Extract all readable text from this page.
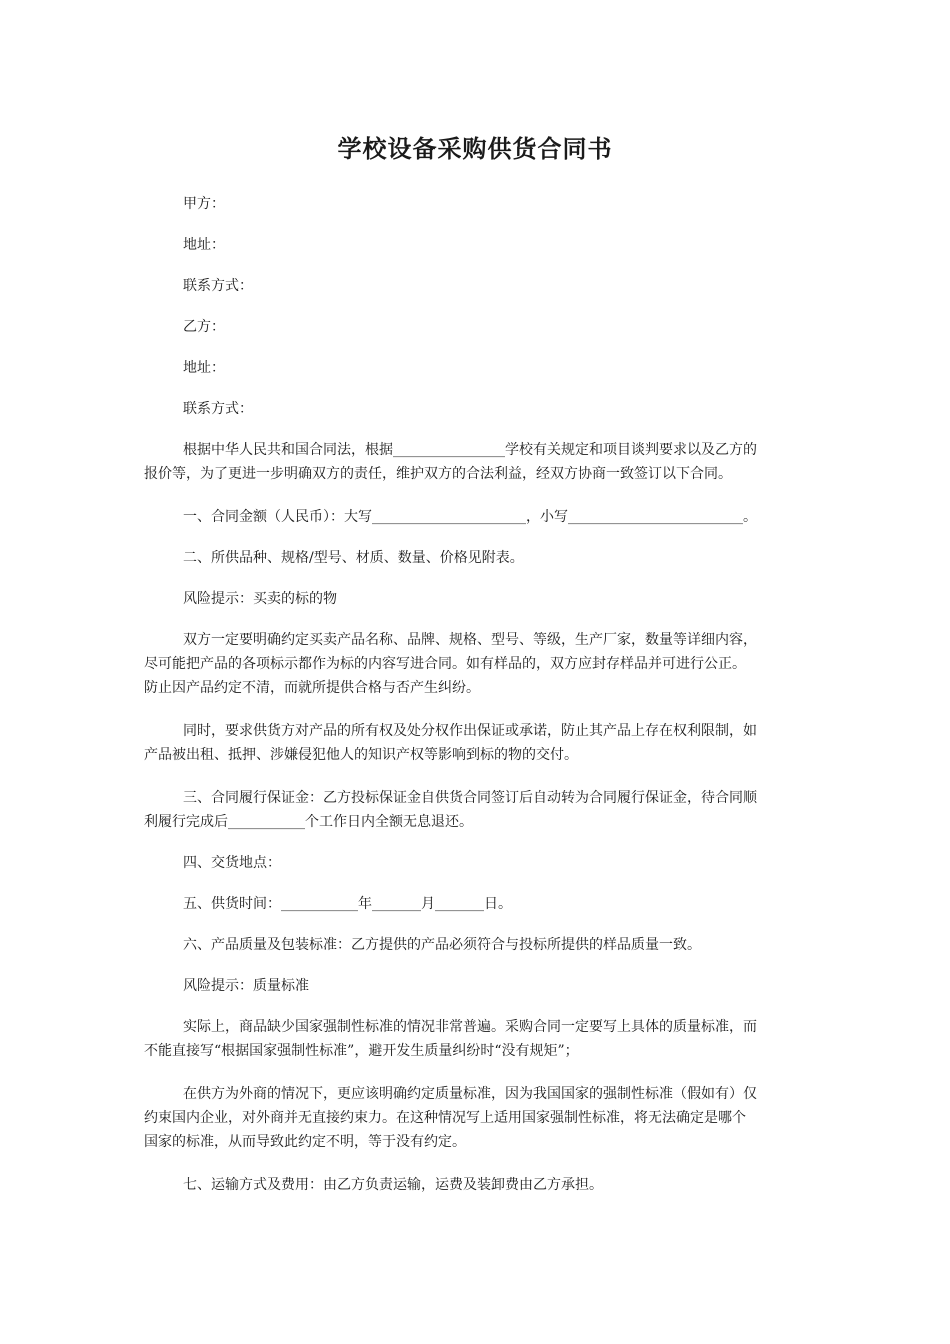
学校设备采购供货合同书
甲方：
地址：
联系方式：
乙方：
地址：
联系方式：
根据中华人民共和国合同法，根据________________学校有关规定和项目谈判要求以及乙方的
报价等，为了更进一步明确双方的责任，维护双方的合法利益，经双方协商一致签订以下合同。
一、合同金额（人民币）：大写______________________，小写_________________________。
二、所供品种、规格/型号、材质、数量、价格见附表。
风险提示：买卖的标的物
双方一定要明确约定买卖产品名称、品牌、规格、型号、等级，生产厂家，数量等详细内容，
尽可能把产品的各项标示都作为标的内容写进合同。如有样品的，双方应封存样品并可进行公正。
防止因产品约定不清，而就所提供合格与否产生纠纷。
同时，要求供货方对产品的所有权及处分权作出保证或承诺，防止其产品上存在权利限制，如
产品被出租、抵押、涉嫌侵犯他人的知识产权等影响到标的物的交付。
三、合同履行保证金：乙方投标保证金自供货合同签订后自动转为合同履行保证金，待合同顺
利履行完成后___________个工作日内全额无息退还。
四、交货地点：
五、供货时间：___________年_______月_______日。
六、产品质量及包装标准：乙方提供的产品必须符合与投标所提供的样品质量一致。
风险提示：质量标准
实际上，商品缺少国家强制性标准的情况非常普遍。采购合同一定要写上具体的质量标准，而
不能直接写“根据国家强制性标准”，避开发生质量纠纷时“没有规矩”；
在供方为外商的情况下，更应该明确约定质量标准，因为我国国家的强制性标准（假如有）仅
约束国内企业，对外商并无直接约束力。在这种情况写上适用国家强制性标准，将无法确定是哪个
国家的标准，从而导致此约定不明，等于没有约定。
七、运输方式及费用：由乙方负责运输，运费及装卸费由乙方承担。
